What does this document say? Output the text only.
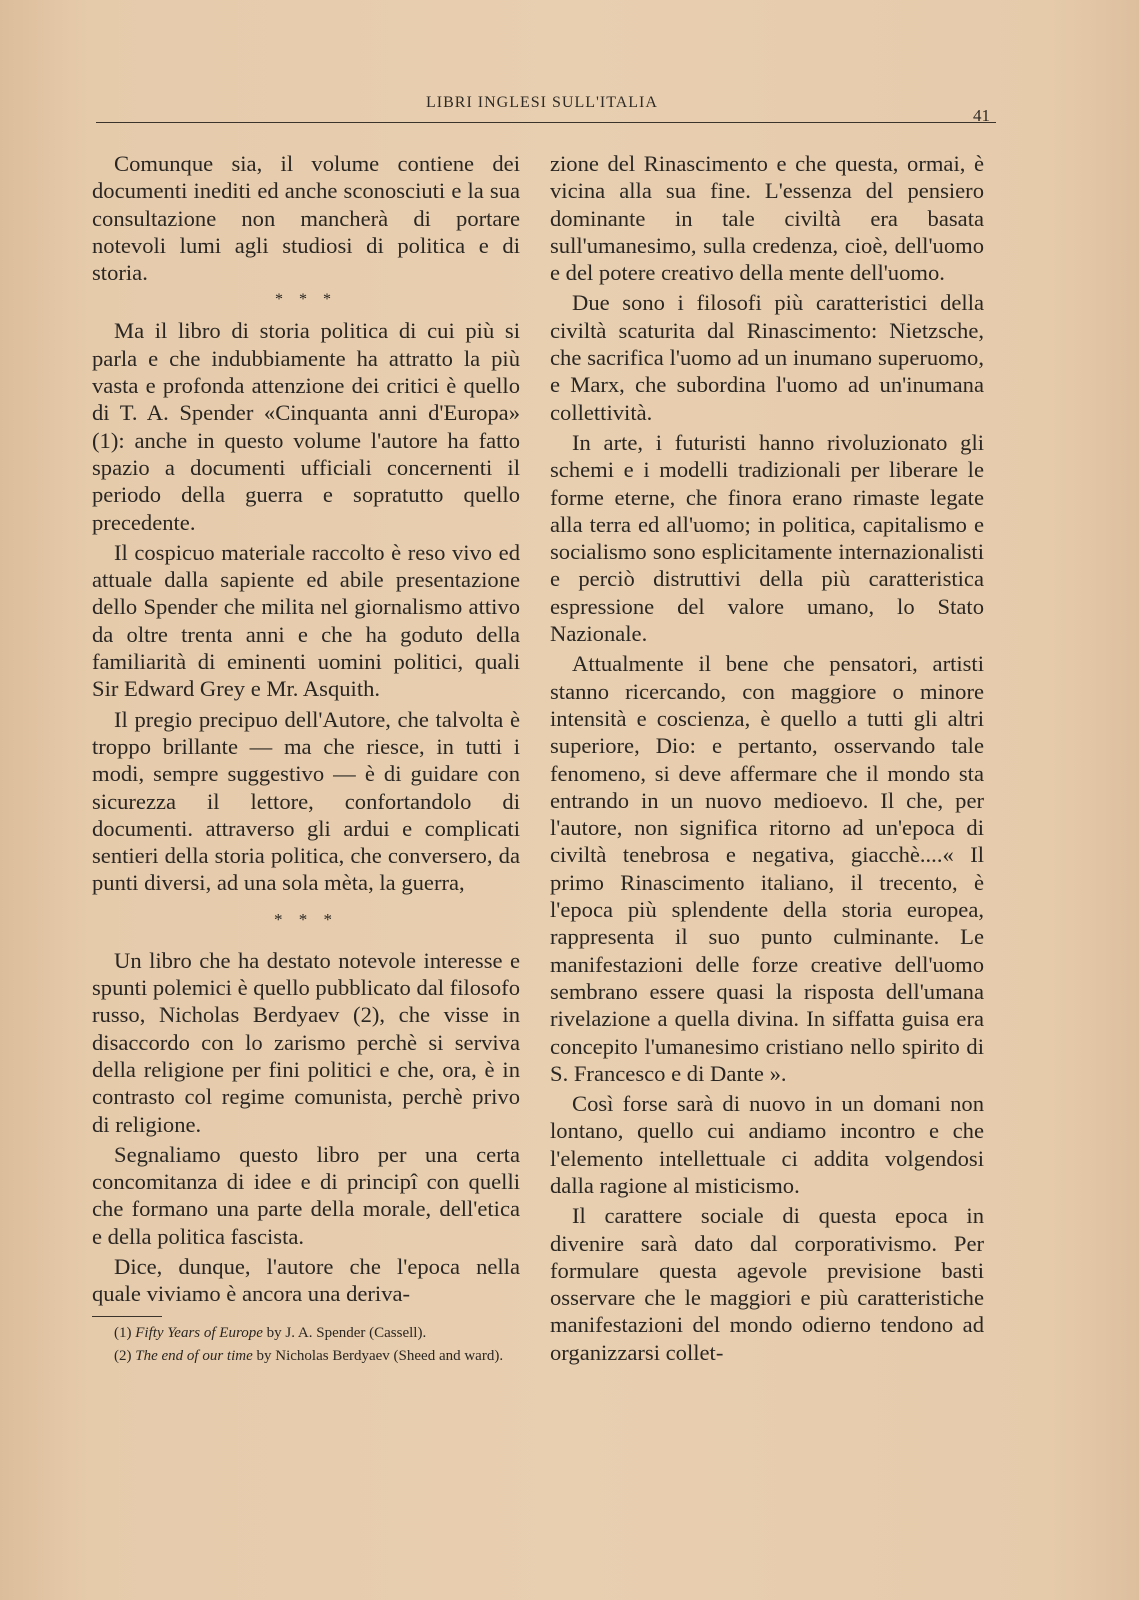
LIBRI INGLESI SULL'ITALIA
41

Comunque sia, il volume contiene dei documenti inediti ed anche sconosciuti e la sua consultazione non mancherà di portare notevoli lumi agli studiosi di politica e di storia.

* * *

Ma il libro di storia politica di cui più si parla e che indubbiamente ha attratto la più vasta e profonda attenzione dei critici è quello di T. A. Spender «Cinquanta anni d'Europa» (1): anche in questo volume l'autore ha fatto spazio a documenti ufficiali concernenti il periodo della guerra e sopratutto quello precedente.

Il cospicuo materiale raccolto è reso vivo ed attuale dalla sapiente ed abile presentazione dello Spender che milita nel giornalismo attivo da oltre trenta anni e che ha goduto della familiarità di eminenti uomini politici, quali Sir Edward Grey e Mr. Asquith.

Il pregio precipuo dell'Autore, che talvolta è troppo brillante — ma che riesce, in tutti i modi, sempre suggestivo — è di guidare con sicurezza il lettore, confortandolo di documenti. attraverso gli ardui e complicati sentieri della storia politica, che conversero, da punti diversi, ad una sola mèta, la guerra,

* * *

Un libro che ha destato notevole interesse e spunti polemici è quello pubblicato dal filosofo russo, Nicholas Berdyaev (2), che visse in disaccordo con lo zarismo perchè si serviva della religione per fini politici e che, ora, è in contrasto col regime comunista, perchè privo di religione.

Segnaliamo questo libro per una certa concomitanza di idee e di principî con quelli che formano una parte della morale, dell'etica e della politica fascista.

Dice, dunque, l'autore che l'epoca nella quale viviamo è ancora una deriva-

(1) Fifty Years of Europe by J. A. Spender (Cassell).

(2) The end of our time by Nicholas Berdyaev (Sheed and ward).

zione del Rinascimento e che questa, ormai, è vicina alla sua fine. L'essenza del pensiero dominante in tale civiltà era basata sull'umanesimo, sulla credenza, cioè, dell'uomo e del potere creativo della mente dell'uomo.

Due sono i filosofi più caratteristici della civiltà scaturita dal Rinascimento: Nietzsche, che sacrifica l'uomo ad un inumano superuomo, e Marx, che subordina l'uomo ad un'inumana collettività.

In arte, i futuristi hanno rivoluzionato gli schemi e i modelli tradizionali per liberare le forme eterne, che finora erano rimaste legate alla terra ed all'uomo; in politica, capitalismo e socialismo sono esplicitamente internazionalisti e perciò distruttivi della più caratteristica espressione del valore umano, lo Stato Nazionale.

Attualmente il bene che pensatori, artisti stanno ricercando, con maggiore o minore intensità e coscienza, è quello a tutti gli altri superiore, Dio: e pertanto, osservando tale fenomeno, si deve affermare che il mondo sta entrando in un nuovo medioevo. Il che, per l'autore, non significa ritorno ad un'epoca di civiltà tenebrosa e negativa, giacchè....« Il primo Rinascimento italiano, il trecento, è l'epoca più splendente della storia europea, rappresenta il suo punto culminante. Le manifestazioni delle forze creative dell'uomo sembrano essere quasi la risposta dell'umana rivelazione a quella divina. In siffatta guisa era concepito l'umanesimo cristiano nello spirito di S. Francesco e di Dante ».

Così forse sarà di nuovo in un domani non lontano, quello cui andiamo incontro e che l'elemento intellettuale ci addita volgendosi dalla ragione al misticismo.

Il carattere sociale di questa epoca in divenire sarà dato dal corporativismo. Per formulare questa agevole previsione basti osservare che le maggiori e più caratteristiche manifestazioni del mondo odierno tendono ad organizzarsi collet-
